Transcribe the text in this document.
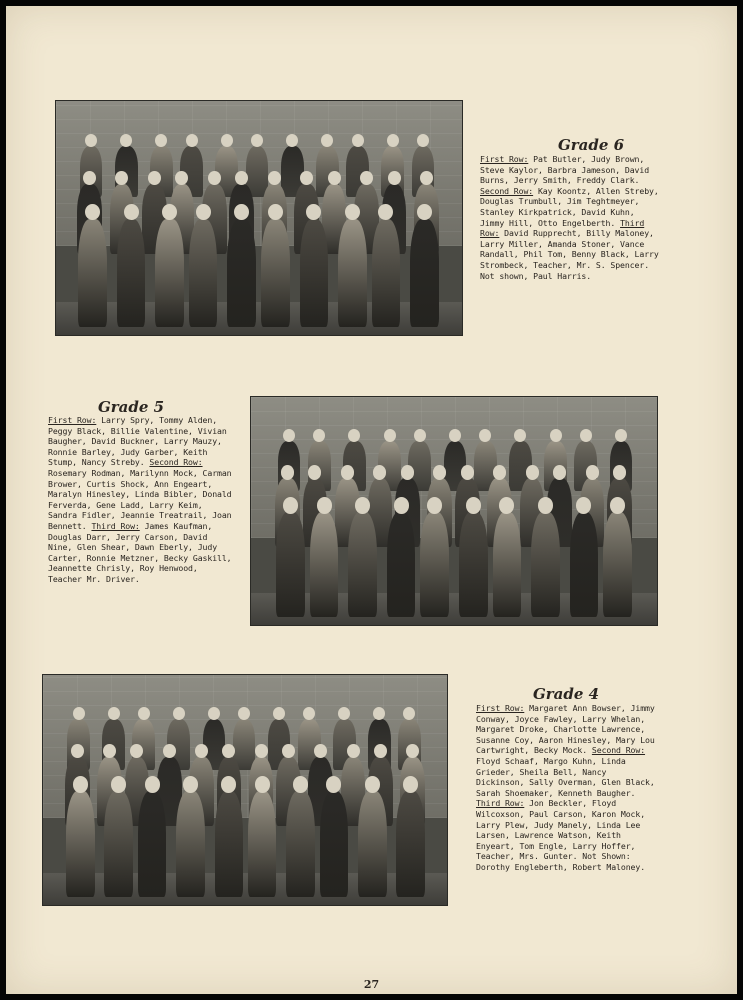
Grade 6
First Row: Pat Butler, Judy Brown, Steve Kaylor, Barbra Jameson, David Burns, Jerry Smith, Freddy Clark. Second Row: Kay Koontz, Allen Streby, Douglas Trumbull, Jim Teghtmeyer, Stanley Kirkpatrick, David Kuhn, Jimmy Hill, Otto Engelberth. Third Row: David Rupprecht, Billy Maloney, Larry Miller, Amanda Stoner, Vance Randall, Phil Tom, Benny Black, Larry Strombeck, Teacher, Mr. S. Spencer. Not shown, Paul Harris.
Grade 5
First Row: Larry Spry, Tommy Alden, Peggy Black, Billie Valentine, Vivian Baugher, David Buckner, Larry Mauzy, Ronnie Barley, Judy Garber, Keith Stump, Nancy Streby. Second Row: Rosemary Rodman, Marilynn Mock, Carman Brower, Curtis Shock, Ann Engeart, Maralyn Hinesley, Linda Bibler, Donald Ferverda, Gene Ladd, Larry Keim, Sandra Fidler, Jeannie Treatrail, Joan Bennett. Third Row: James Kaufman, Douglas Darr, Jerry Carson, David Nine, Glen Shear, Dawn Eberly, Judy Carter, Ronnie Metzner, Becky Gaskill, Jeannette Chrisly, Roy Henwood, Teacher Mr. Driver.
Grade 4
First Row: Margaret Ann Bowser, Jimmy Conway, Joyce Fawley, Larry Whelan, Margaret Droke, Charlotte Lawrence, Susanne Coy, Aaron Hinesley, Mary Lou Cartwright, Becky Mock. Second Row: Floyd Schaaf, Margo Kuhn, Linda Grieder, Sheila Bell, Nancy Dickinson, Sally Overman, Glen Black, Sarah Shoemaker, Kenneth Baugher. Third Row: Jon Beckler, Floyd Wilcoxson, Paul Carson, Karon Mock, Larry Plew, Judy Manely, Linda Lee Larsen, Lawrence Watson, Keith Enyeart, Tom Engle, Larry Hoffer, Teacher, Mrs. Gunter. Not Shown: Dorothy Engleberth, Robert Maloney.
27
